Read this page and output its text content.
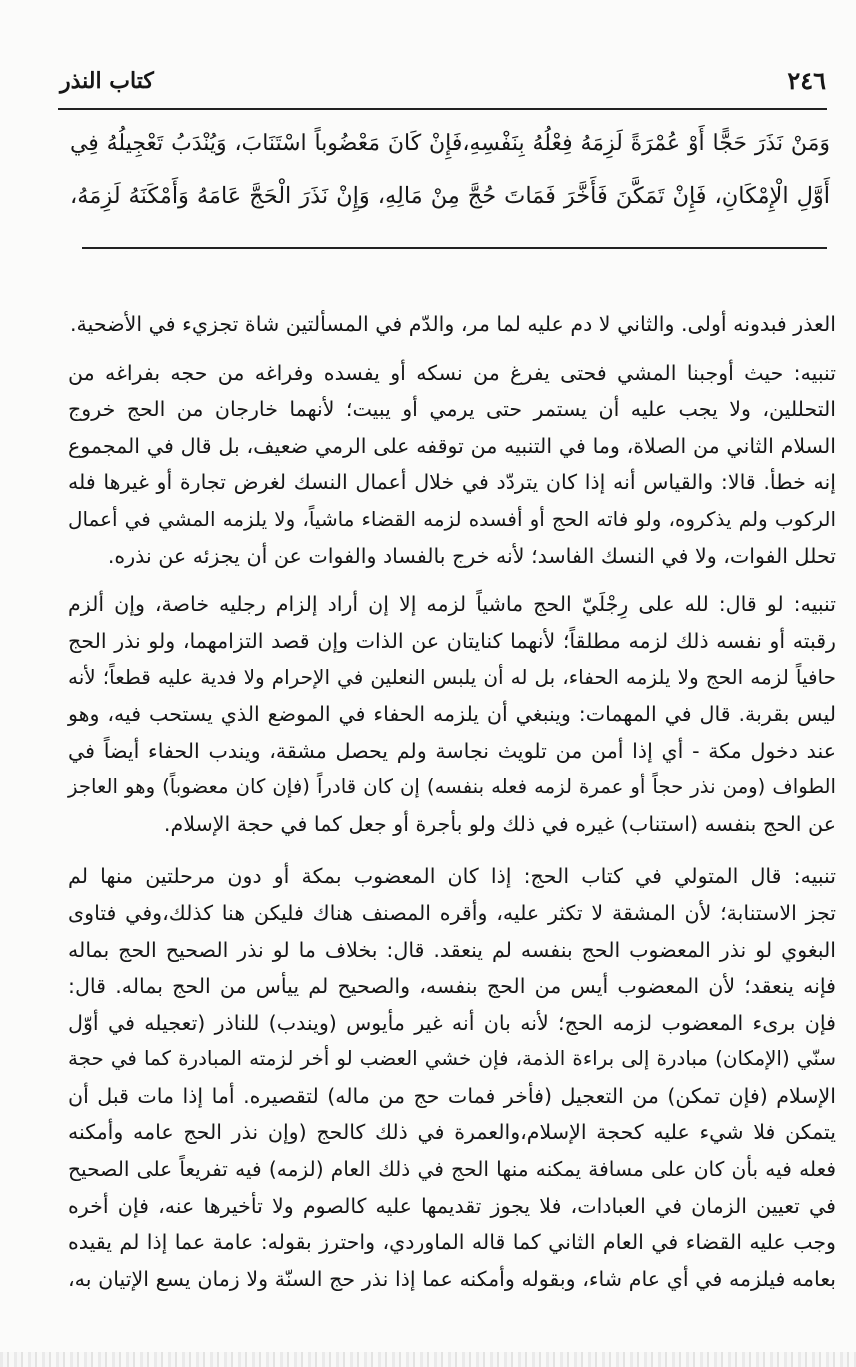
كتاب النذر	٢٤٦
وَمَنْ نَذَرَ حَجًّا أَوْ عُمْرَةً لَزِمَهُ فِعْلُهُ بِنَفْسِهِ،فَإِنْ كَانَ مَعْضُوباً اسْتَنَابَ، وَيُنْدَبُ تَعْجِيلُهُ فِي
أَوَّلِ الْإِمْكَانِ، فَإِنْ تَمَكَّنَ فَأَخَّرَ فَمَاتَ حُجَّ مِنْ مَالِهِ، وَإِنْ نَذَرَ الْحَجَّ عَامَهُ وَأَمْكَنَهُ لَزِمَهُ،
العذر فبدونه أولى. والثاني لا دم عليه لما مر، والدّم في المسألتين شاة تجزيء في الأضحية.
تنبيه: حيث أوجبنا المشي فحتى يفرغ من نسكه أو يفسده وفراغه من حجه بفراغه من
التحللين، ولا يجب عليه أن يستمر حتى يرمي أو يبيت؛ لأنهما خارجان من الحج خروج
السلام الثاني من الصلاة، وما في التنبيه من توقفه على الرمي ضعيف، بل قال في المجموع
إنه خطأ. قالا: والقياس أنه إذا كان يتردّد في خلال أعمال النسك لغرض تجارة أو غيرها فله
الركوب ولم يذكروه، ولو فاته الحج أو أفسده لزمه القضاء ماشياً، ولا يلزمه المشي في أعمال
تحلل الفوات، ولا في النسك الفاسد؛ لأنه خرج بالفساد والفوات عن أن يجزئه عن نذره.
تنبيه: لو قال: لله على رِجْلَيّ الحج ماشياً لزمه إلا إن أراد إلزام رجليه خاصة، وإن ألزم
رقبته أو نفسه ذلك لزمه مطلقاً؛ لأنهما كنايتان عن الذات وإن قصد التزامهما، ولو نذر الحج
حافياً لزمه الحج ولا يلزمه الحفاء، بل له أن يلبس النعلين في الإحرام ولا فدية عليه قطعاً؛ لأنه
ليس بقربة. قال في المهمات: وينبغي أن يلزمه الحفاء في الموضع الذي يستحب فيه، وهو
عند دخول مكة - أي إذا أمن من تلويث نجاسة ولم يحصل مشقة، ويندب الحفاء أيضاً في
الطواف (ومن نذر حجاً أو عمرة لزمه فعله بنفسه) إن كان قادراً (فإن كان معضوباً) وهو العاجز
عن الحج بنفسه (استناب) غيره في ذلك ولو بأجرة أو جعل كما في حجة الإسلام.
تنبيه: قال المتولي في كتاب الحج: إذا كان المعضوب بمكة أو دون مرحلتين منها لم
تجز الاستنابة؛ لأن المشقة لا تكثر عليه، وأقره المصنف هناك فليكن هنا كذلك،وفي فتاوى
البغوي لو نذر المعضوب الحج بنفسه لم ينعقد. قال: بخلاف ما لو نذر الصحيح الحج بماله
فإنه ينعقد؛ لأن المعضوب أيس من الحج بنفسه، والصحيح لم ييأس من الحج بماله. قال:
فإن برىء المعضوب لزمه الحج؛ لأنه بان أنه غير مأيوس (ويندب) للناذر (تعجيله في أوّل
سنّي (الإمكان) مبادرة إلى براءة الذمة، فإن خشي العضب لو أخر لزمته المبادرة كما في حجة
الإسلام (فإن تمكن) من التعجيل (فأخر فمات حج من ماله) لتقصيره. أما إذا مات قبل أن
يتمكن فلا شيء عليه كحجة الإسلام،والعمرة في ذلك كالحج (وإن نذر الحج عامه وأمكنه
فعله فيه بأن كان على مسافة يمكنه منها الحج في ذلك العام (لزمه) فيه تفريعاً على الصحيح
في تعيين الزمان في العبادات، فلا يجوز تقديمها عليه كالصوم ولا تأخيرها عنه، فإن أخره
وجب عليه القضاء في العام الثاني كما قاله الماوردي، واحترز بقوله: عامة عما إذا لم يقيده
بعامه فيلزمه في أي عام شاء، وبقوله وأمكنه عما إذا نذر حج السنّة ولا زمان يسع الإتيان به،
